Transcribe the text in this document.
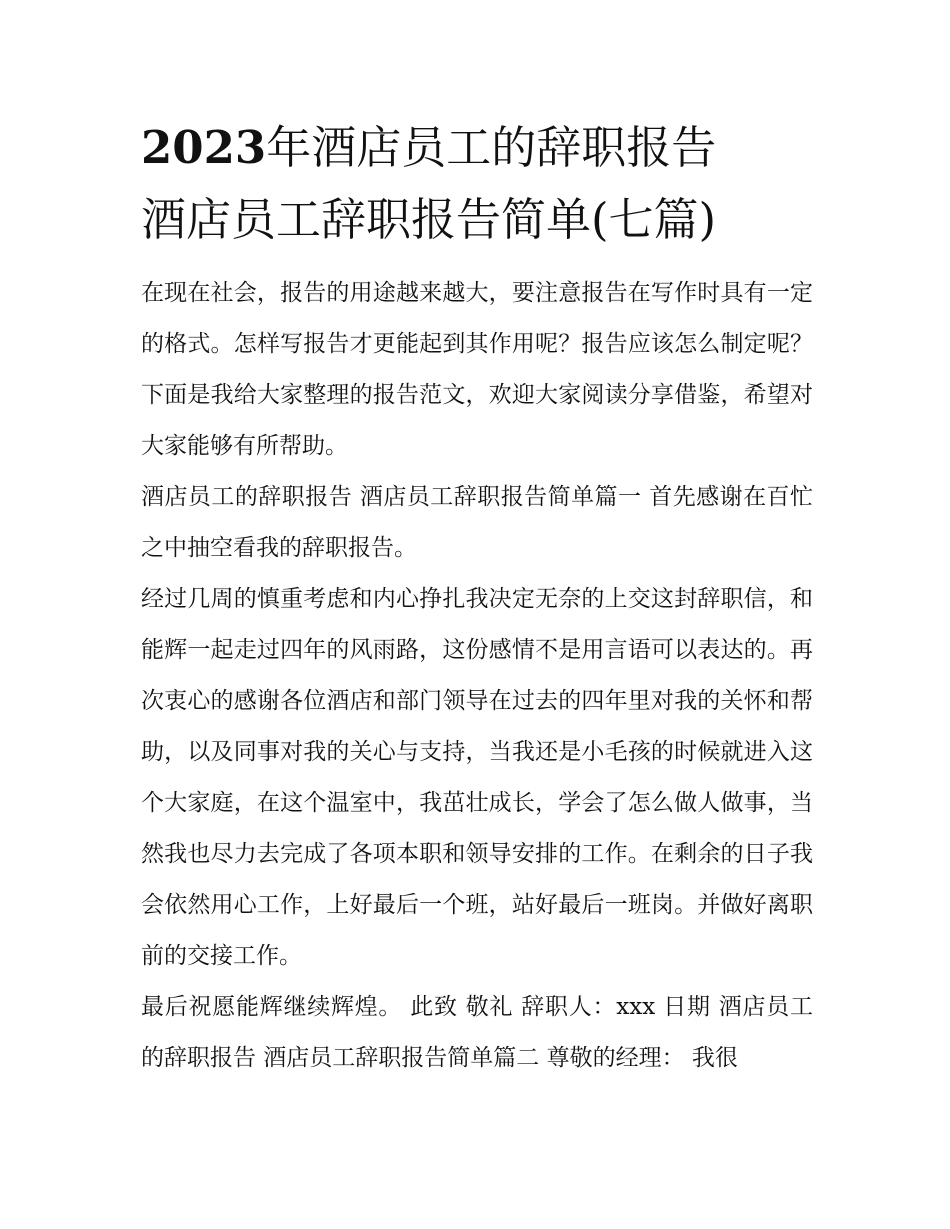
2023年酒店员工的辞职报告
酒店员工辞职报告简单(七篇)

在现在社会，报告的用途越来越大，要注意报告在写作时具有一定的格式。怎样写报告才更能起到其作用呢？报告应该怎么制定呢？下面是我给大家整理的报告范文，欢迎大家阅读分享借鉴，希望对大家能够有所帮助。

酒店员工的辞职报告 酒店员工辞职报告简单篇一 首先感谢在百忙之中抽空看我的辞职报告。

经过几周的慎重考虑和内心挣扎我决定无奈的上交这封辞职信，和能辉一起走过四年的风雨路，这份感情不是用言语可以表达的。再次衷心的感谢各位酒店和部门领导在过去的四年里对我的关怀和帮助，以及同事对我的关心与支持，当我还是小毛孩的时候就进入这个大家庭，在这个温室中，我茁壮成长，学会了怎么做人做事，当然我也尽力去完成了各项本职和领导安排的工作。在剩余的日子我会依然用心工作，上好最后一个班，站好最后一班岗。并做好离职前的交接工作。

最后祝愿能辉继续辉煌。 此致 敬礼 辞职人：xxx 日期 酒店员工的辞职报告 酒店员工辞职报告简单篇二 尊敬的经理： 我很
